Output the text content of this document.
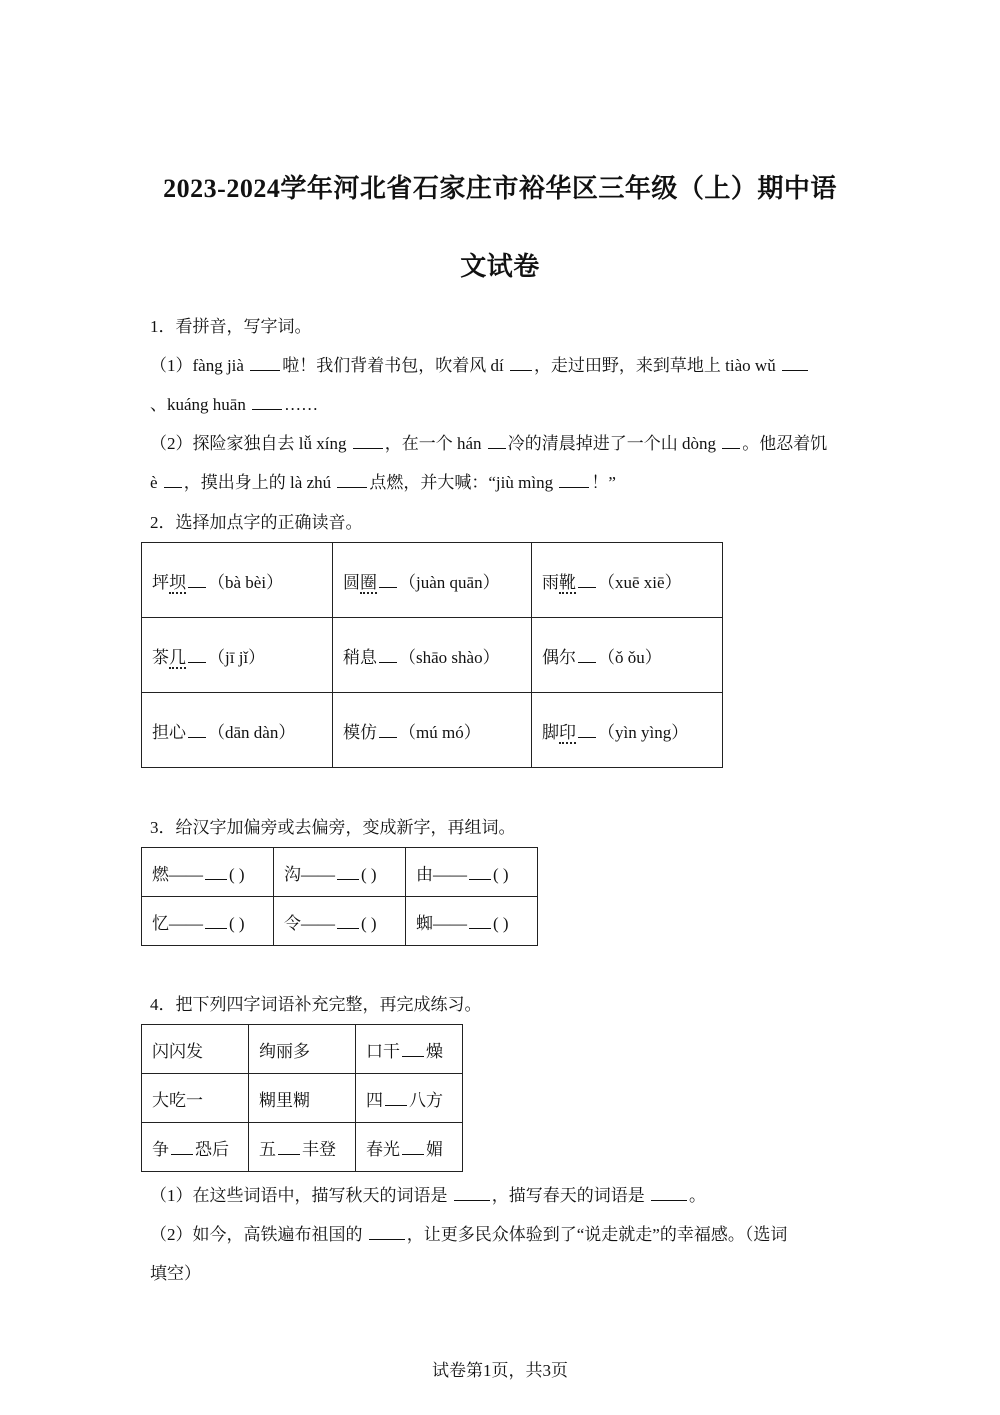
2023-2024学年河北省石家庄市裕华区三年级（上）期中语
文试卷
1．看拼音，写字词。
（1）fàng jià 啦！我们背着书包，吹着风 dí ，走过田野，来到草地上 tiào wǔ
、kuáng huān ……
（2）探险家独自去 lǚ xíng ，在一个 hán 冷的清晨掉进了一个山 dòng 。他忍着饥
è ，摸出身上的 là zhú 点燃，并大喊：“jiù mìng ！”
2．选择加点字的正确读音。
坪坝 （bà bèi）	圆圈 （juàn quān）	雨靴 （xuē xiē）
茶几 （jī jǐ）	稍息 （shāo shào）	偶尔 （ǒ ǒu）
担心 （dān dàn）	模仿 （mú mó）	脚印 （yìn yìng）
3．给汉字加偏旁或去偏旁，变成新字，再组词。
燃—— ( )	沟—— ( )	由—— ( )
忆—— ( )	令—— ( )	蜘—— ( )
4．把下列四字词语补充完整，再完成练习。
闪闪发	绚丽多	口干 燥
大吃一	糊里糊	四 八方
争 恐后	五 丰登	春光 媚
（1）在这些词语中，描写秋天的词语是	，描写春天的词语是	。
（2）如今，高铁遍布祖国的	，让更多民众体验到了“说走就走”的幸福感。（选词
填空）
试卷第1页，共3页
